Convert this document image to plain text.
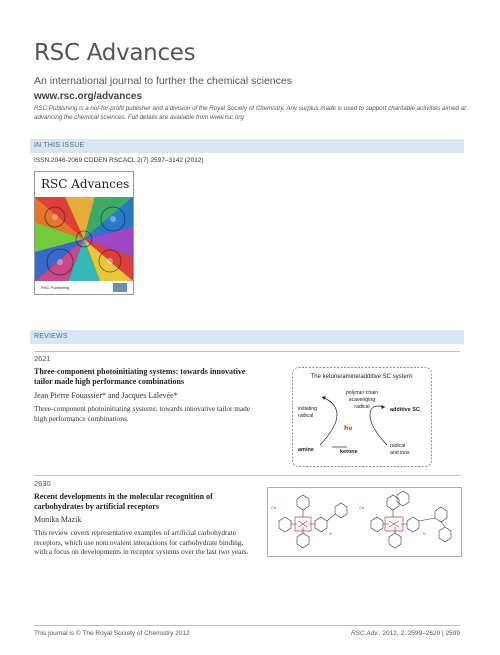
RSC Advances
An international journal to further the chemical sciences
www.rsc.org/advances
RSC Publishing is a not-for-profit publisher and a division of the Royal Society of Chemistry. Any surplus made is used to support charitable activities aimed at advancing the chemical sciences. Full details are available from www.rsc.org
IN THIS ISSUE
ISSN 2046-2069 CODEN RSCACL 2(7) 2597–3142 (2012)
RSC Advances
RSC Publishing
REVIEWS
2621
Three-component photoinitiating systems: towards innovative tailor made high performance combinations
Jean Pierre Fouassier* and Jacques Lalevée*
Three-component photoinitiating systems: towards innovative tailor made high performance combinations.
The ketone/amine/additive SC system:
polymer chain
scavenging
radical
initiating
radical
additive SC
hν
amine	ketone
radical
and ions
2630
Recent developments in the molecular recognition of carbohydrates by artificial receptors
Monika Mazik
This review covers representative examples of artificial carbohydrate receptors, which use noncovalent interactions for carbohydrate binding, with a focus on developments in receptor systems over the last two years.
OH	OH
N	N
This journal is © The Royal Society of Chemistry 2012	RSC Adv., 2012, 2, 2599–2620 | 2599
